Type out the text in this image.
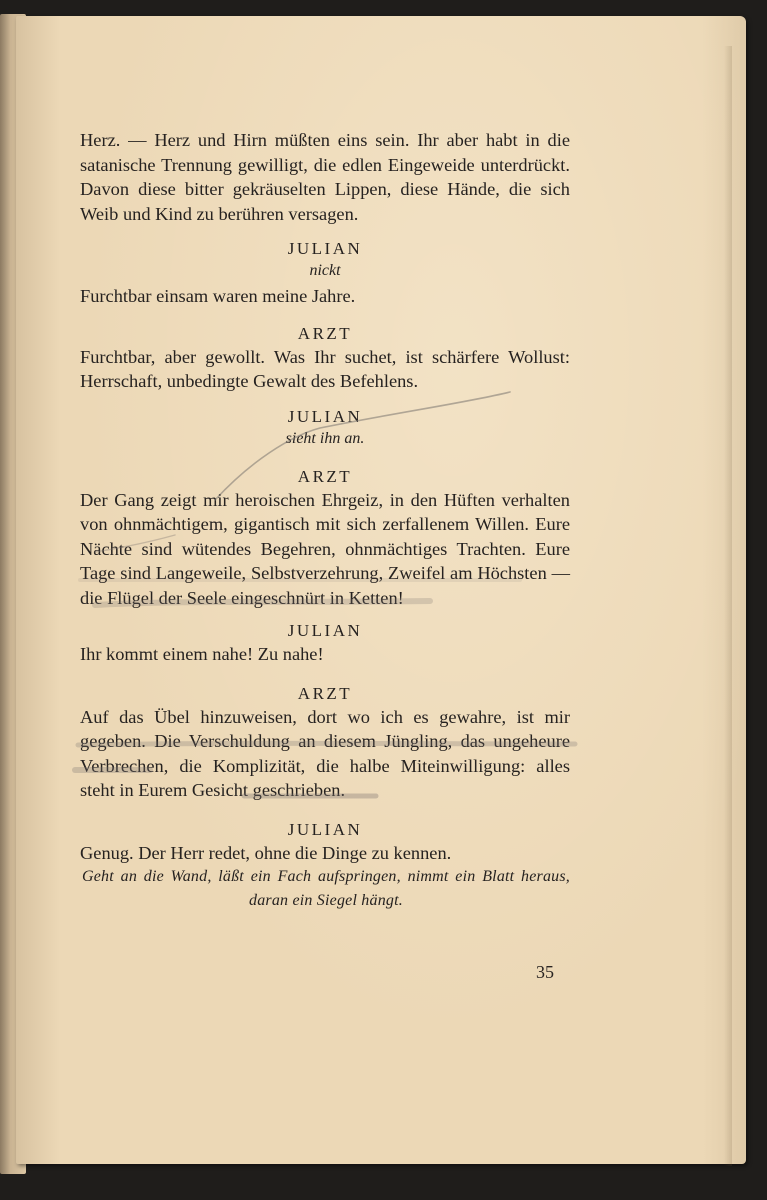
Herz. — Herz und Hirn müßten eins sein. Ihr aber habt in die satanische Trennung gewilligt, die edlen Eingeweide unterdrückt. Davon diese bitter gekräuselten Lippen, diese Hände, die sich Weib und Kind zu berühren versagen.

JULIAN
nickt

Furchtbar einsam waren meine Jahre.

ARZT

Furchtbar, aber gewollt. Was Ihr suchet, ist schärfere Wollust: Herrschaft, unbedingte Gewalt des Befehlens.

JULIAN
sieht ihn an.
ARZT

Der Gang zeigt mir heroischen Ehrgeiz, in den Hüften verhalten von ohnmächtigem, gigantisch mit sich zerfallenem Willen. Eure Nächte sind wütendes Begehren, ohnmächtiges Trachten. Eure Tage sind Langeweile, Selbstverzehrung, Zweifel am Höchsten — die Flügel der Seele eingeschnürt in Ketten!

JULIAN

Ihr kommt einem nahe! Zu nahe!

ARZT

Auf das Übel hinzuweisen, dort wo ich es gewahre, ist mir gegeben. Die Verschuldung an diesem Jüngling, das ungeheure Verbrechen, die Komplizität, die halbe Miteinwilligung: alles steht in Eurem Gesicht geschrieben.

JULIAN

Genug. Der Herr redet, ohne die Dinge zu kennen.

Geht an die Wand, läßt ein Fach aufspringen, nimmt ein Blatt heraus, daran ein Siegel hängt.
35
